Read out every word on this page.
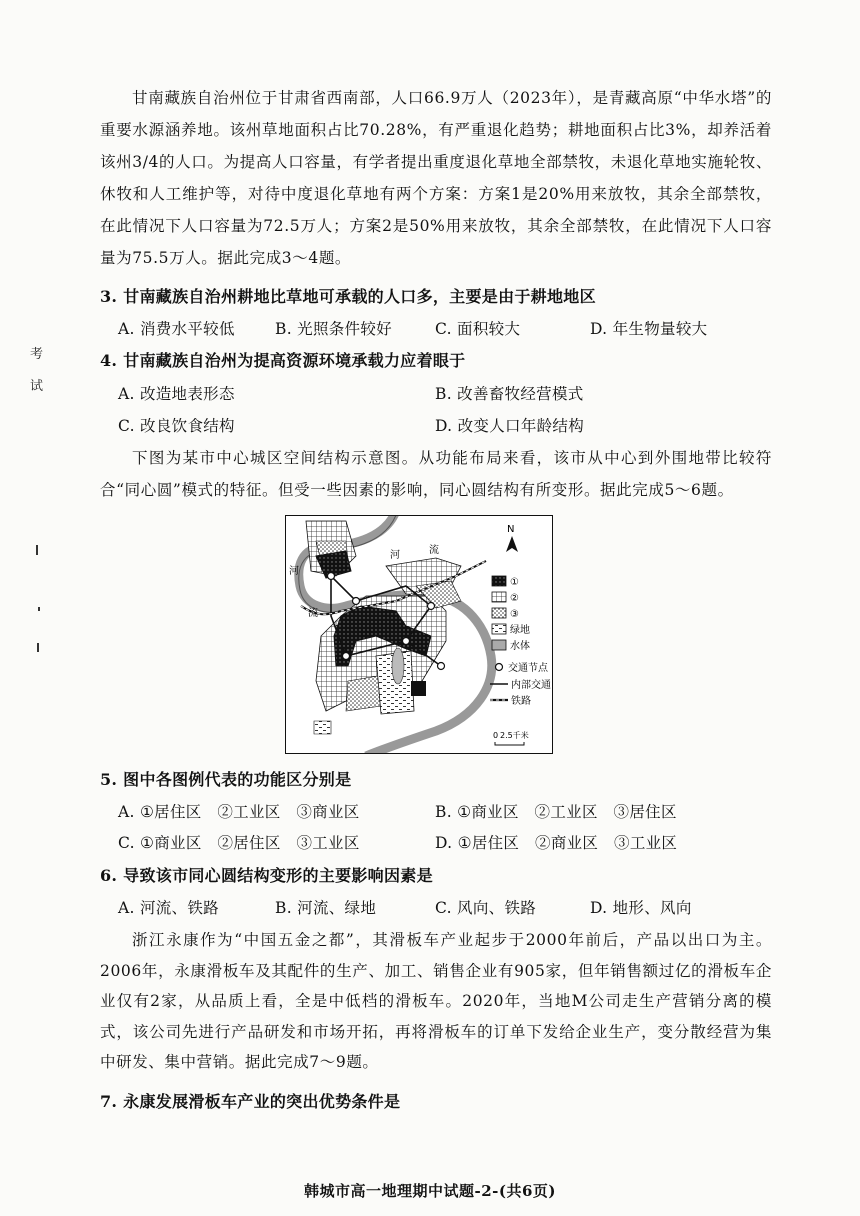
考
试

甘南藏族自治州位于甘肃省西南部，人口66.9万人（2023年），是青藏高原“中华水塔”的重要水源涵养地。该州草地面积占比70.28%，有严重退化趋势；耕地面积占比3%，却养活着该州3/4的人口。为提高人口容量，有学者提出重度退化草地全部禁牧，未退化草地实施轮牧、休牧和人工维护等，对待中度退化草地有两个方案：方案1是20%用来放牧，其余全部禁牧，在此情况下人口容量为72.5万人；方案2是50%用来放牧，其余全部禁牧，在此情况下人口容量为75.5万人。据此完成3～4题。

3. 甘南藏族自治州耕地比草地可承载的人口多，主要是由于耕地地区
A. 消费水平较低	B. 光照条件较好	C. 面积较大	D. 年生物量较大
4. 甘南藏族自治州为提高资源环境承载力应着眼于
A. 改造地表形态	B. 改善畜牧经营模式
C. 改良饮食结构	D. 改变人口年龄结构

下图为某市中心城区空间结构示意图。从功能布局来看，该市从中心到外围地带比较符合“同心圆”模式的特征。但受一些因素的影响，同心圆结构有所变形。据此完成5～6题。

河
流
河	流
N
①
②
③
绿地
水体
交通节点
内部交通
铁路
0 2.5千米
5. 图中各图例代表的功能区分别是
A. ①居住区　②工业区　③商业区	B. ①商业区　②工业区　③居住区
C. ①商业区　②居住区　③工业区	D. ①居住区　②商业区　③工业区
6. 导致该市同心圆结构变形的主要影响因素是
A. 河流、铁路	B. 河流、绿地	C. 风向、铁路	D. 地形、风向

浙江永康作为“中国五金之都”，其滑板车产业起步于2000年前后，产品以出口为主。2006年，永康滑板车及其配件的生产、加工、销售企业有905家，但年销售额过亿的滑板车企业仅有2家，从品质上看，全是中低档的滑板车。2020年，当地M公司走生产营销分离的模式，该公司先进行产品研发和市场开拓，再将滑板车的订单下发给企业生产，变分散经营为集中研发、集中营销。据此完成7～9题。

7. 永康发展滑板车产业的突出优势条件是
韩城市高一地理期中试题-2-(共6页)
